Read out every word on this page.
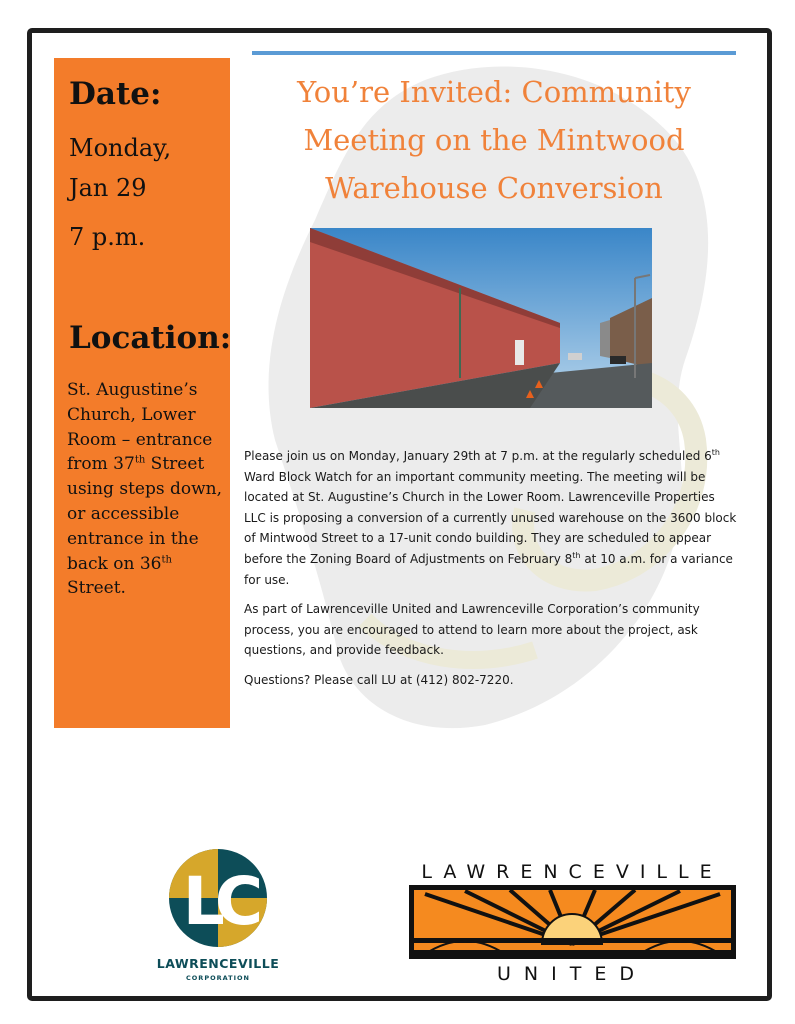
Date:
Monday,
Jan 29
7 p.m.
Location:
St. Augustine’s Church, Lower Room – entrance from 37th Street using steps down, or accessible entrance in the back on 36th Street.
You’re Invited: Community
Meeting on the Mintwood
Warehouse Conversion

Please join us on Monday, January 29th at 7 p.m. at the regularly scheduled 6th Ward Block Watch for an important community meeting. The meeting will be located at St. Augustine’s Church in the Lower Room. Lawrenceville Properties LLC is proposing a conversion of a currently unused warehouse on the 3600 block of Mintwood Street to a 17-unit condo building. They are scheduled to appear before the Zoning Board of Adjustments on February 8th at 10 a.m. for a variance for use.

As part of Lawrenceville United and Lawrenceville Corporation’s community process, you are encouraged to attend to learn more about the project, ask questions, and provide feedback.

Questions? Please call LU at (412) 802-7220.

LC
LAWRENCEVILLE
CORPORATION
LAWRENCEVILLE
UNITED
